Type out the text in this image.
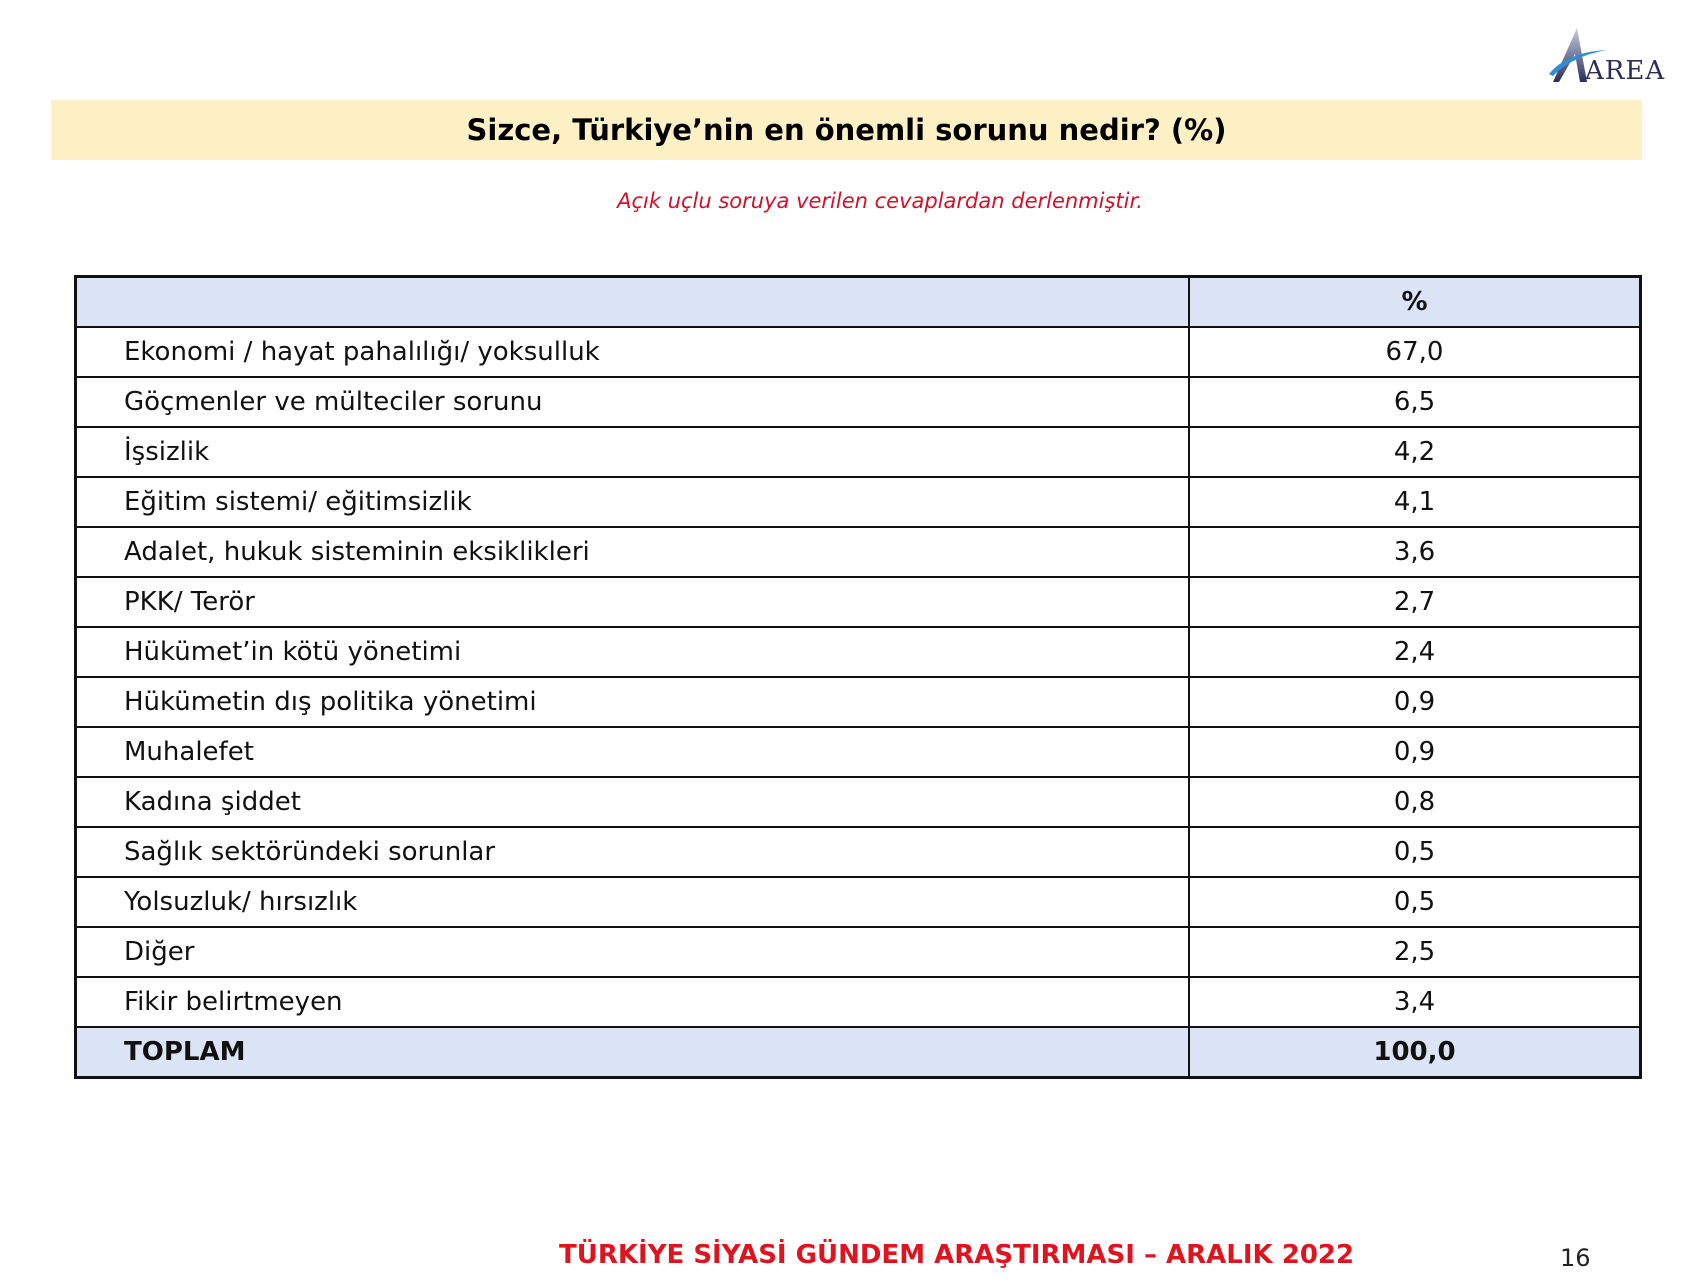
AREA
Sizce, Türkiye’nin en önemli sorunu nedir? (%)
Açık uçlu soruya verilen cevaplardan derlenmiştir.
	%
Ekonomi / hayat pahalılığı/ yoksulluk	67,0
Göçmenler ve mülteciler sorunu	6,5
İşsizlik	4,2
Eğitim sistemi/ eğitimsizlik	4,1
Adalet, hukuk sisteminin eksiklikleri	3,6
PKK/ Terör	2,7
Hükümet’in kötü yönetimi	2,4
Hükümetin dış politika yönetimi	0,9
Muhalefet	0,9
Kadına şiddet	0,8
Sağlık sektöründeki sorunlar	0,5
Yolsuzluk/ hırsızlık	0,5
Diğer	2,5
Fikir belirtmeyen	3,4
TOPLAM	100,0
TÜRKİYE SİYASİ GÜNDEM ARAŞTIRMASI – ARALIK 2022	16
